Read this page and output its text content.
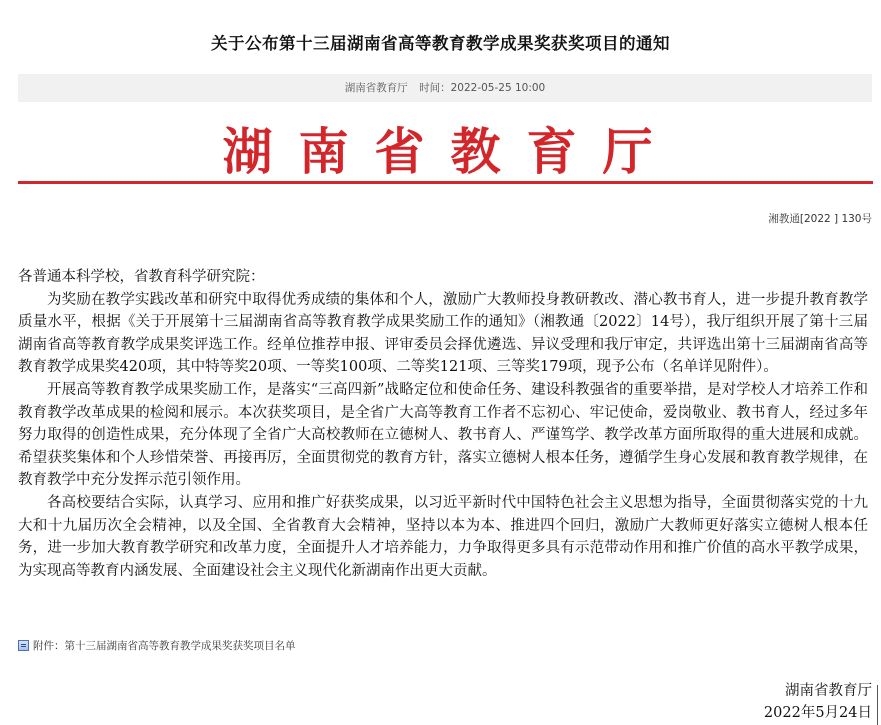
关于公布第十三届湖南省高等教育教学成果奖获奖项目的通知
湖南省教育厅 时间：2022-05-25 10:00
湖南省教育厅
湘教通[2022 ] 130号

各普通本科学校，省教育科学研究院：

为奖励在教学实践改革和研究中取得优秀成绩的集体和个人，激励广大教师投身教研教改、潜心教书育人，进一步提升教育教学质量水平，根据《关于开展第十三届湖南省高等教育教学成果奖励工作的通知》（湘教通〔2022〕14号），我厅组织开展了第十三届湖南省高等教育教学成果奖评选工作。经单位推荐申报、评审委员会择优遴选、异议受理和我厅审定，共评选出第十三届湖南省高等教育教学成果奖420项，其中特等奖20项、一等奖100项、二等奖121项、三等奖179项，现予公布（名单详见附件）。

开展高等教育教学成果奖励工作，是落实“三高四新”战略定位和使命任务、建设科教强省的重要举措，是对学校人才培养工作和教育教学改革成果的检阅和展示。本次获奖项目，是全省广大高等教育工作者不忘初心、牢记使命，爱岗敬业、教书育人，经过多年努力取得的创造性成果，充分体现了全省广大高校教师在立德树人、教书育人、严谨笃学、教学改革方面所取得的重大进展和成就。希望获奖集体和个人珍惜荣誉、再接再厉，全面贯彻党的教育方针，落实立德树人根本任务，遵循学生身心发展和教育教学规律，在教育教学中充分发挥示范引领作用。

各高校要结合实际，认真学习、应用和推广好获奖成果，以习近平新时代中国特色社会主义思想为指导，全面贯彻落实党的十九大和十九届历次全会精神，以及全国、全省教育大会精神，坚持以本为本、推进四个回归，激励广大教师更好落实立德树人根本任务，进一步加大教育教学研究和改革力度，全面提升人才培养能力，力争取得更多具有示范带动作用和推广价值的高水平教学成果，为实现高等教育内涵发展、全面建设社会主义现代化新湖南作出更大贡献。

附件：第十三届湖南省高等教育教学成果奖获奖项目名单
湖南省教育厅
2022年5月24日
